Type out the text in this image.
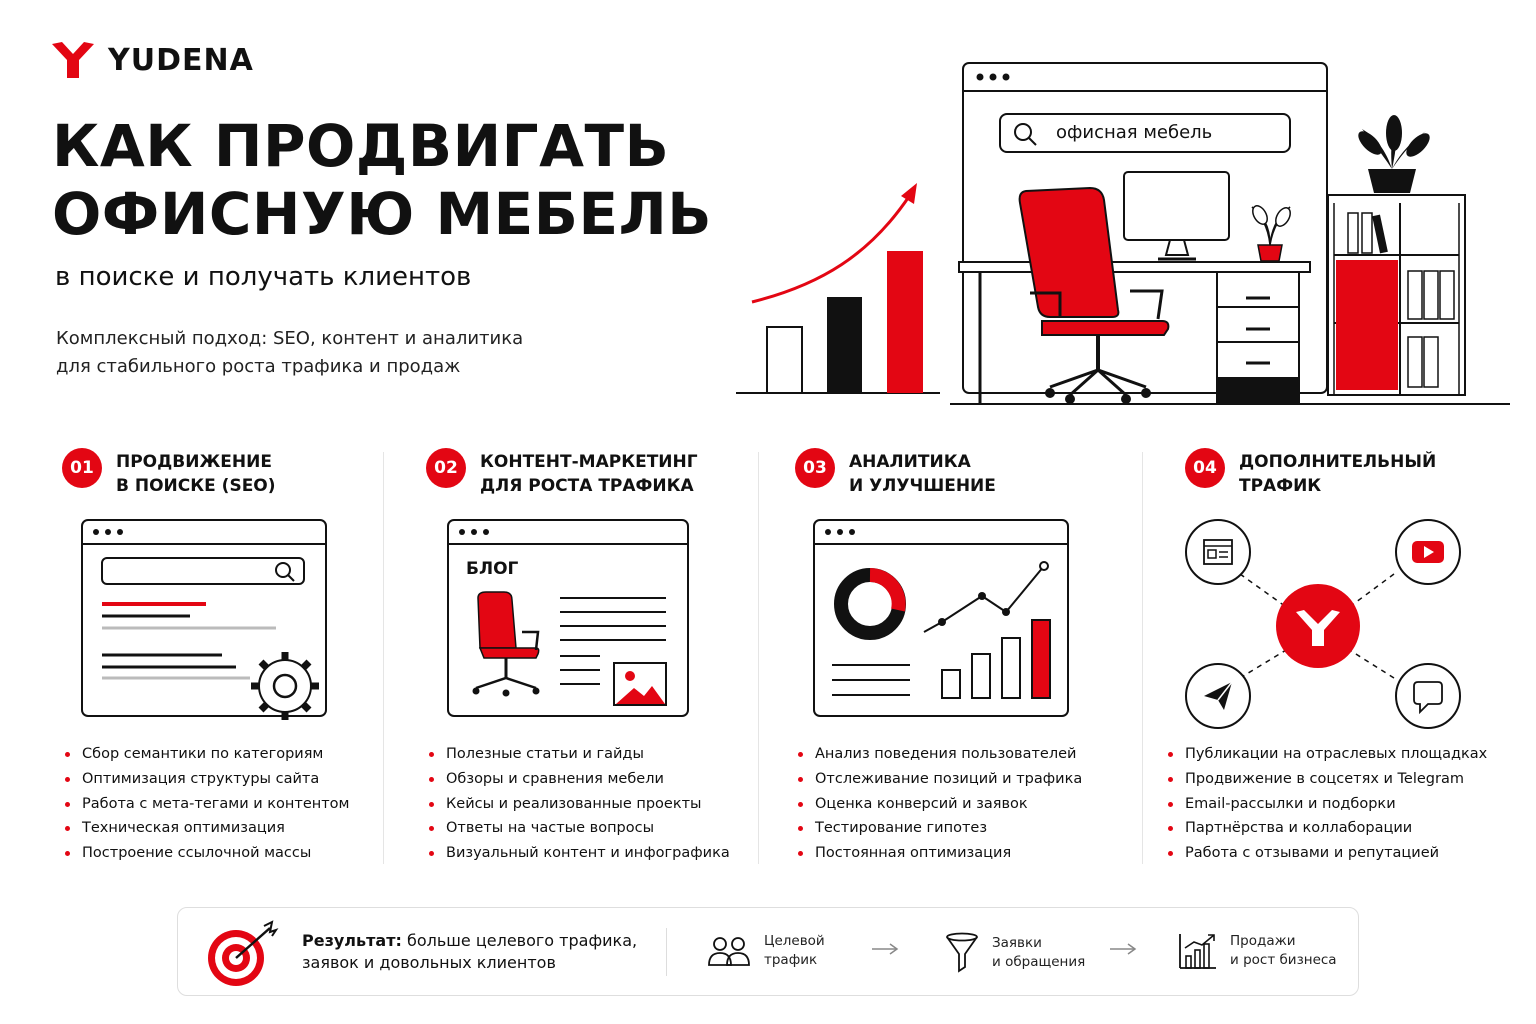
YUDENA
КАК ПРОДВИГАТЬ
ОФИСНУЮ МЕБЕЛЬ
в поиске и получать клиентов
Комплексный подход: SEO, контент и аналитика
для стабильного роста трафика и продаж
офисная мебель
01	ПРОДВИЖЕНИЕ
В ПОИСКЕ (SEO)
Сбор семантики по категориям
Оптимизация структуры сайта
Работа с мета-тегами и контентом
Техническая оптимизация
Построение ссылочной массы
02	КОНТЕНТ-МАРКЕТИНГ
ДЛЯ РОСТА ТРАФИКА
БЛОГ
Полезные статьи и гайды
Обзоры и сравнения мебели
Кейсы и реализованные проекты
Ответы на частые вопросы
Визуальный контент и инфографика
03	АНАЛИТИКА
И УЛУЧШЕНИЕ
Анализ поведения пользователей
Отслеживание позиций и трафика
Оценка конверсий и заявок
Тестирование гипотез
Постоянная оптимизация
04	ДОПОЛНИТЕЛЬНЫЙ
ТРАФИК
Публикации на отраслевых площадках
Продвижение в соцсетях и Telegram
Email-рассылки и подборки
Партнёрства и коллаборации
Работа с отзывами и репутацией
Результат: больше целевого трафика,
заявок и довольных клиентов
Целевой
трафик
Заявки
и обращения
Продажи
и рост бизнеса
